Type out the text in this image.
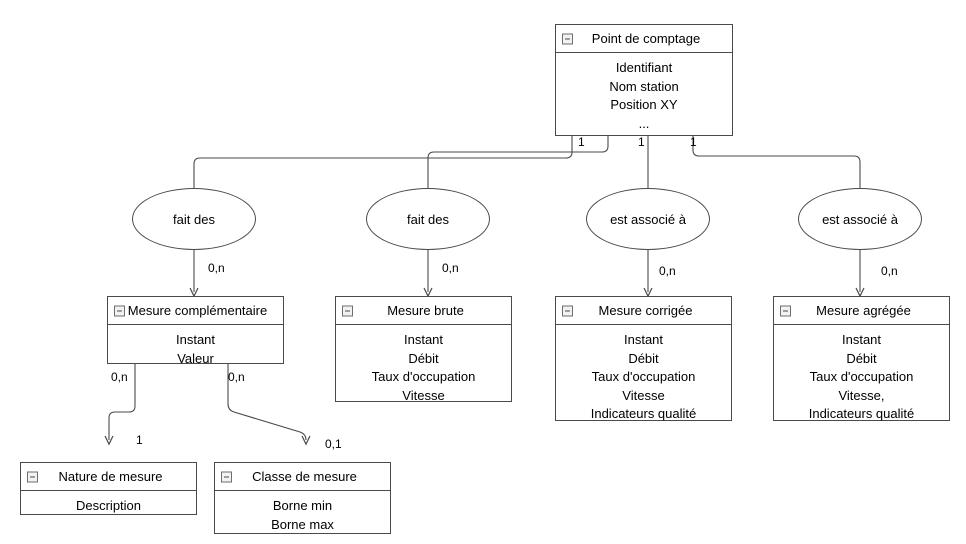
Point de comptage
Identifiant
Nom station
Position XY
...
Mesure complémentaire
Instant
Valeur
Mesure brute
Instant
Débit
Taux d'occupation
Vitesse
Mesure corrigée
Instant
Débit
Taux d'occupation
Vitesse
Indicateurs qualité
Mesure agrégée
Instant
Débit
Taux d'occupation
Vitesse,
Indicateurs qualité
Nature de mesure
Description
Classe de mesure
Borne min
Borne max
fait des	fait des	est associé à	est associé à
1	1	1
0,n	0,n	0,n	0,n
0,n	0,n
1	0,1
